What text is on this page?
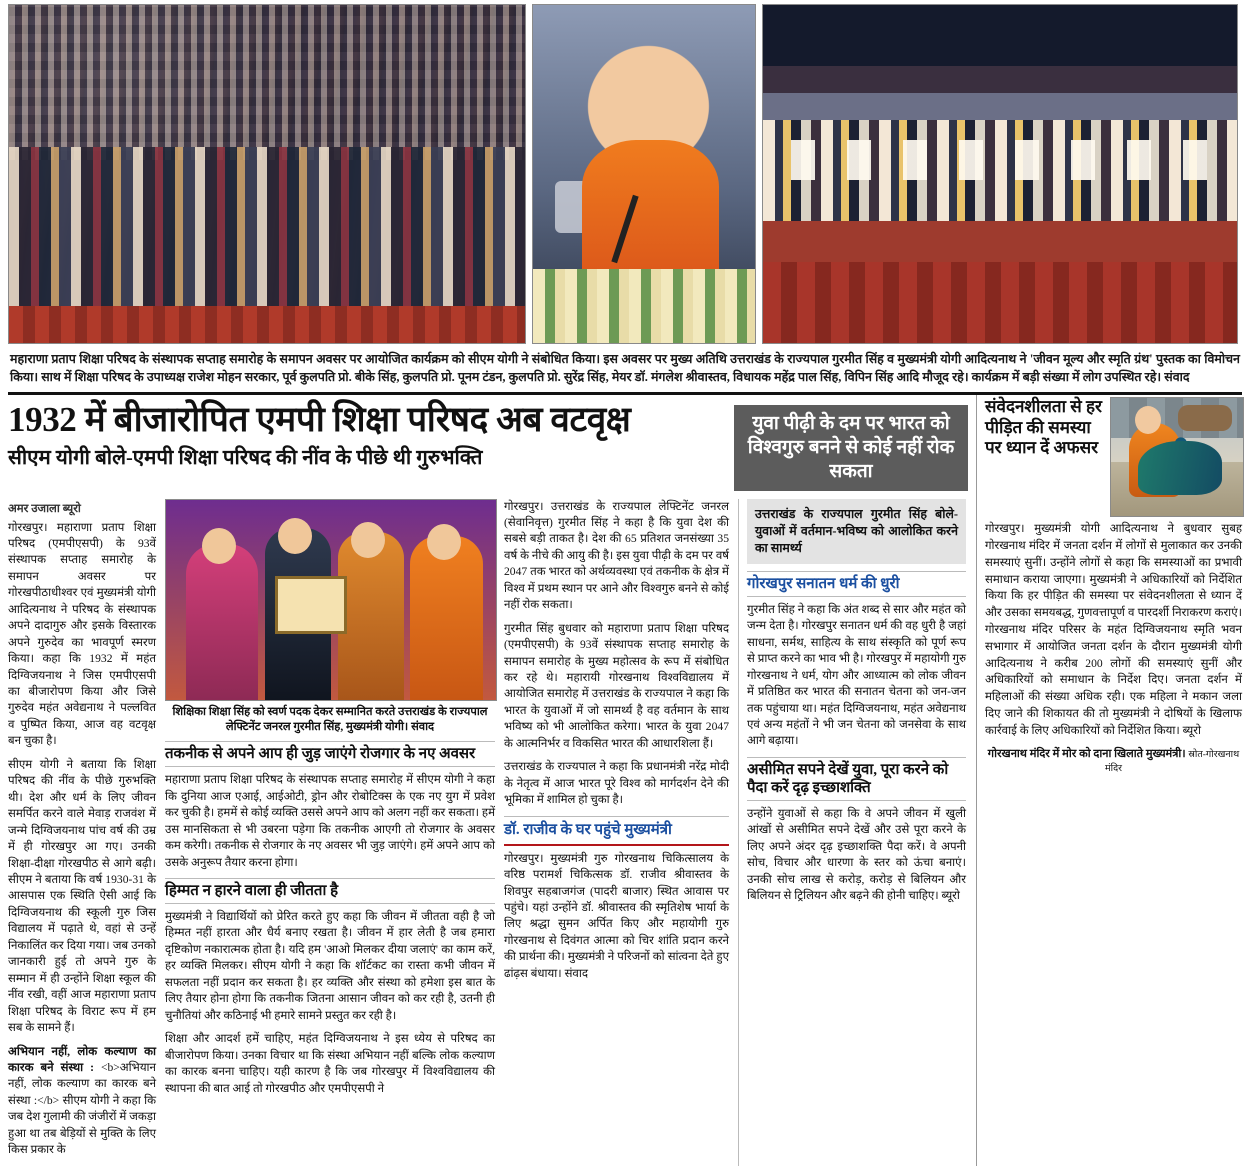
महाराणा प्रताप शिक्षा परिषद के संस्थापक सप्ताह समारोह के समापन अवसर पर आयोजित कार्यक्रम को सीएम योगी ने संबोधित किया। इस अवसर पर मुख्य अतिथि उत्तराखंड के राज्यपाल गुरमीत सिंह व मुख्यमंत्री योगी आदित्यनाथ ने 'जीवन मूल्य और स्मृति ग्रंथ' पुस्तक का विमोचन किया। साथ में शिक्षा परिषद के उपाध्यक्ष राजेश मोहन सरकार, पूर्व कुलपति प्रो. बीके सिंह, कुलपति प्रो. पूनम टंडन, कुलपति प्रो. सुरेंद्र सिंह, मेयर डॉ. मंगलेश श्रीवास्तव, विधायक महेंद्र पाल सिंह, विपिन सिंह आदि मौजूद रहे। कार्यक्रम में बड़ी संख्या में लोग उपस्थित रहे। संवाद
1932 में बीजारोपित एमपी शिक्षा परिषद अब वटवृक्ष
सीएम योगी बोले-एमपी शिक्षा परिषद की नींव के पीछे थी गुरुभक्ति
युवा पीढ़ी के दम पर भारत को विश्वगुरु बनने से कोई नहीं रोक सकता
अमर उजाला ब्यूरो

गोरखपुर। महाराणा प्रताप शिक्षा परिषद (एमपीएसपी) के 93वें संस्थापक सप्ताह समारोह के समापन अवसर पर गोरखपीठाधीश्वर एवं मुख्यमंत्री योगी आदित्यनाथ ने परिषद के संस्थापक अपने दादागुरु और इसके विस्तारक अपने गुरुदेव का भावपूर्ण स्मरण किया। कहा कि 1932 में महंत दिग्विजयनाथ ने जिस एमपीएसपी का बीजारोपण किया और जिसे गुरुदेव महंत अवेद्यनाथ ने पल्लवित व पुष्पित किया, आज वह वटवृक्ष बन चुका है।

सीएम योगी ने बताया कि शिक्षा परिषद की नींव के पीछे गुरुभक्ति थी। देश और धर्म के लिए जीवन समर्पित करने वाले मेवाड़ राजवंश में जन्मे दिग्विजयनाथ पांच वर्ष की उम्र में ही गोरखपुर आ गए। उनकी शिक्षा-दीक्षा गोरखपीठ से आगे बढ़ी। सीएम ने बताया कि वर्ष 1930-31 के आसपास एक स्थिति ऐसी आई कि दिग्विजयनाथ की स्कूली गुरु जिस विद्यालय में पढ़ाते थे, वहां से उन्हें निकालिंत कर दिया गया। जब उनको जानकारी हुई तो अपने गुरु के सम्मान में ही उन्होंने शिक्षा स्कूल की नींव रखी, वहीं आज महाराणा प्रताप शिक्षा परिषद के विराट रूप में हम सब के सामने हैं।

अभियान नहीं, लोक कल्याण का कारक बने संस्था : <b>अभियान नहीं, लोक कल्याण का कारक बने संस्था :</b> सीएम योगी ने कहा कि जब देश गुलामी की जंजीरों में जकड़ा हुआ था तब बेड़ियों से मुक्ति के लिए किस प्रकार के

शिक्षिका शिक्षा सिंह को स्वर्ण पदक देकर सम्मानित करते उत्तराखंड के राज्यपाल लेफ्टिनेंट जनरल गुरमीत सिंह, मुख्यमंत्री योगी। संवाद
तकनीक से अपने आप ही जुड़ जाएंगे रोजगार के नए अवसर

महाराणा प्रताप शिक्षा परिषद के संस्थापक सप्ताह समारोह में सीएम योगी ने कहा कि दुनिया आज एआई, आईओटी, ड्रोन और रोबोटिक्स के एक नए युग में प्रवेश कर चुकी है। हममें से कोई व्यक्ति उससे अपने आप को अलग नहीं कर सकता। हमें उस मानसिकता से भी उबरना पड़ेगा कि तकनीक आएगी तो रोजगार के अवसर कम करेगी। तकनीक से रोजगार के नए अवसर भी जुड़ जाएंगे। हमें अपने आप को उसके अनुरूप तैयार करना होगा।

हिम्मत न हारने वाला ही जीतता है

मुख्यमंत्री ने विद्यार्थियों को प्रेरित करते हुए कहा कि जीवन में जीतता वही है जो हिम्मत नहीं हारता और धैर्य बनाए रखता है। जीवन में हार लेती है जब हमारा दृष्टिकोण नकारात्मक होता है। यदि हम 'आओ मिलकर दीया जलाएं' का काम करें, हर व्यक्ति मिलकर। सीएम योगी ने कहा कि शॉर्टकट का रास्ता कभी जीवन में सफलता नहीं प्रदान कर सकता है। हर व्यक्ति और संस्था को हमेशा इस बात के लिए तैयार होना होगा कि तकनीक जितना आसान जीवन को कर रही है, उतनी ही चुनौतियां और कठिनाई भी हमारे सामने प्रस्तुत कर रही है।

शिक्षा और आदर्श हमें चाहिए, महंत दिग्विजयनाथ ने इस ध्येय से परिषद का बीजारोपण किया। उनका विचार था कि संस्था अभियान नहीं बल्कि लोक कल्याण का कारक बनना चाहिए। यही कारण है कि जब गोरखपुर में विश्वविद्यालय की स्थापना की बात आई तो गोरखपीठ और एमपीएसपी ने

गोरखपुर। उत्तराखंड के राज्यपाल लेफ्टिनेंट जनरल (सेवानिवृत्त) गुरमीत सिंह ने कहा है कि युवा देश की सबसे बड़ी ताकत है। देश की 65 प्रतिशत जनसंख्या 35 वर्ष के नीचे की आयु की है। इस युवा पीढ़ी के दम पर वर्ष 2047 तक भारत को अर्थव्यवस्था एवं तकनीक के क्षेत्र में विश्व में प्रथम स्थान पर आने और विश्वगुरु बनने से कोई नहीं रोक सकता।

गुरमीत सिंह बुधवार को महाराणा प्रताप शिक्षा परिषद (एमपीएसपी) के 93वें संस्थापक सप्ताह समारोह के समापन समारोह के मुख्य महोत्सव के रूप में संबोधित कर रहे थे। महारायी गोरखनाथ विश्वविद्यालय में आयोजित समारोह में उत्तराखंड के राज्यपाल ने कहा कि भारत के युवाओं में जो सामर्थ्य है वह वर्तमान के साथ भविष्य को भी आलोकित करेगा। भारत के युवा 2047 के आत्मनिर्भर व विकसित भारत की आधारशिला हैं।

उत्तराखंड के राज्यपाल ने कहा कि प्रधानमंत्री नरेंद्र मोदी के नेतृत्व में आज भारत पूरे विश्व को मार्गदर्शन देने की भूमिका में शामिल हो चुका है।

डॉ. राजीव के घर पहुंचे मुख्यमंत्री

गोरखपुर। मुख्यमंत्री गुरु गोरखनाथ चिकित्सालय के वरिष्ठ परामर्श चिकित्सक डॉ. राजीव श्रीवास्तव के शिवपुर सहबाजगंज (पादरी बाजार) स्थित आवास पर पहुंचे। यहां उन्होंने डॉ. श्रीवास्तव की स्मृतिशेष भार्या के लिए श्रद्धा सुमन अर्पित किए और महायोगी गुरु गोरखनाथ से दिवंगत आत्मा को चिर शांति प्रदान करने की प्रार्थना की। मुख्यमंत्री ने परिजनों को सांत्वना देते हुए ढांढ़स बंधाया। संवाद

उत्तराखंड के राज्यपाल गुरमीत सिंह बोले-युवाओं में वर्तमान-भविष्य को आलोकित करने का सामर्थ्य
गोरखपुर सनातन धर्म की धुरी

गुरमीत सिंह ने कहा कि अंत शब्द से सार और महंत को जन्म देता है। गोरखपुर सनातन धर्म की वह धुरी है जहां साधना, सर्मथ, साहित्य के साथ संस्कृति को पूर्ण रूप से प्राप्त करने का भाव भी है। गोरखपुर में महायोगी गुरु गोरखनाथ ने धर्म, योग और आध्यात्म को लोक जीवन में प्रतिष्ठित कर भारत की सनातन चेतना को जन-जन तक पहुंचाया था। महंत दिग्विजयनाथ, महंत अवेद्यनाथ एवं अन्य महंतों ने भी जन चेतना को जनसेवा के साथ आगे बढ़ाया।

असीमित सपने देखें युवा, पूरा करने को पैदा करें दृढ़ इच्छाशक्ति

उन्होंने युवाओं से कहा कि वे अपने जीवन में खुली आंखों से असीमित सपने देखें और उसे पूरा करने के लिए अपने अंदर दृढ़ इच्छाशक्ति पैदा करें। वे अपनी सोच, विचार और धारणा के स्तर को ऊंचा बनाएं। उनकी सोच लाख से करोड़, करोड़ से बिलियन और बिलियन से ट्रिलियन और बढ़ने की होनी चाहिए। ब्यूरो

संवेदनशीलता से हर पीड़ित की समस्या पर ध्यान दें अफसर

गोरखपुर। मुख्यमंत्री योगी आदित्यनाथ ने बुधवार सुबह गोरखनाथ मंदिर में जनता दर्शन में लोगों से मुलाकात कर उनकी समस्याएं सुनीं। उन्होंने लोगों से कहा कि समस्याओं का प्रभावी समाधान कराया जाएगा। मुख्यमंत्री ने अधिकारियों को निर्देशित किया कि हर पीड़ित की समस्या पर संवेदनशीलता से ध्यान दें और उसका समयबद्ध, गुणवत्तापूर्ण व पारदर्शी निराकरण कराएं। गोरखनाथ मंदिर परिसर के महंत दिग्विजयनाथ स्मृति भवन सभागार में आयोजित जनता दर्शन के दौरान मुख्यमंत्री योगी आदित्यनाथ ने करीब 200 लोगों की समस्याएं सुनीं और अधिकारियों को समाधान के निर्देश दिए। जनता दर्शन में महिलाओं की संख्या अधिक रही। एक महिला ने मकान जला दिए जाने की शिकायत की तो मुख्यमंत्री ने दोषियों के खिलाफ कार्रवाई के लिए अधिकारियों को निर्देशित किया। ब्यूरो

गोरखनाथ मंदिर में मोर को दाना खिलाते मुख्यमंत्री। स्रोत-गोरखनाथ मंदिर
